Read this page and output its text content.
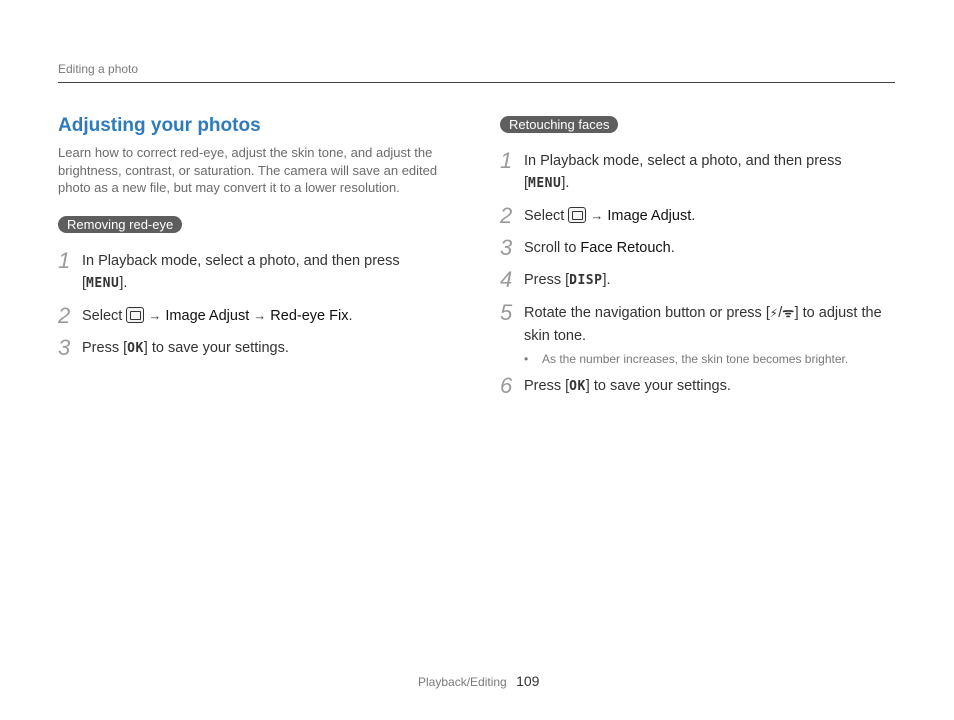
Editing a photo
Adjusting your photos

Learn how to correct red-eye, adjust the skin tone, and adjust the brightness, contrast, or saturation. The camera will save an edited photo as a new file, but may convert it to a lower resolution.

Removing red-eye
1 In Playback mode, select a photo, and then press [MENU].
2 Select → Image Adjust → Red-eye Fix.
3 Press [OK] to save your settings.
Retouching faces
1 In Playback mode, select a photo, and then press [MENU].
2 Select → Image Adjust.
3 Scroll to Face Retouch.
4 Press [DISP].
5 Rotate the navigation button or press [⚡/ᯤ] to adjust the skin tone.
• As the number increases, the skin tone becomes brighter.
6 Press [OK] to save your settings.
Playback/Editing 109
